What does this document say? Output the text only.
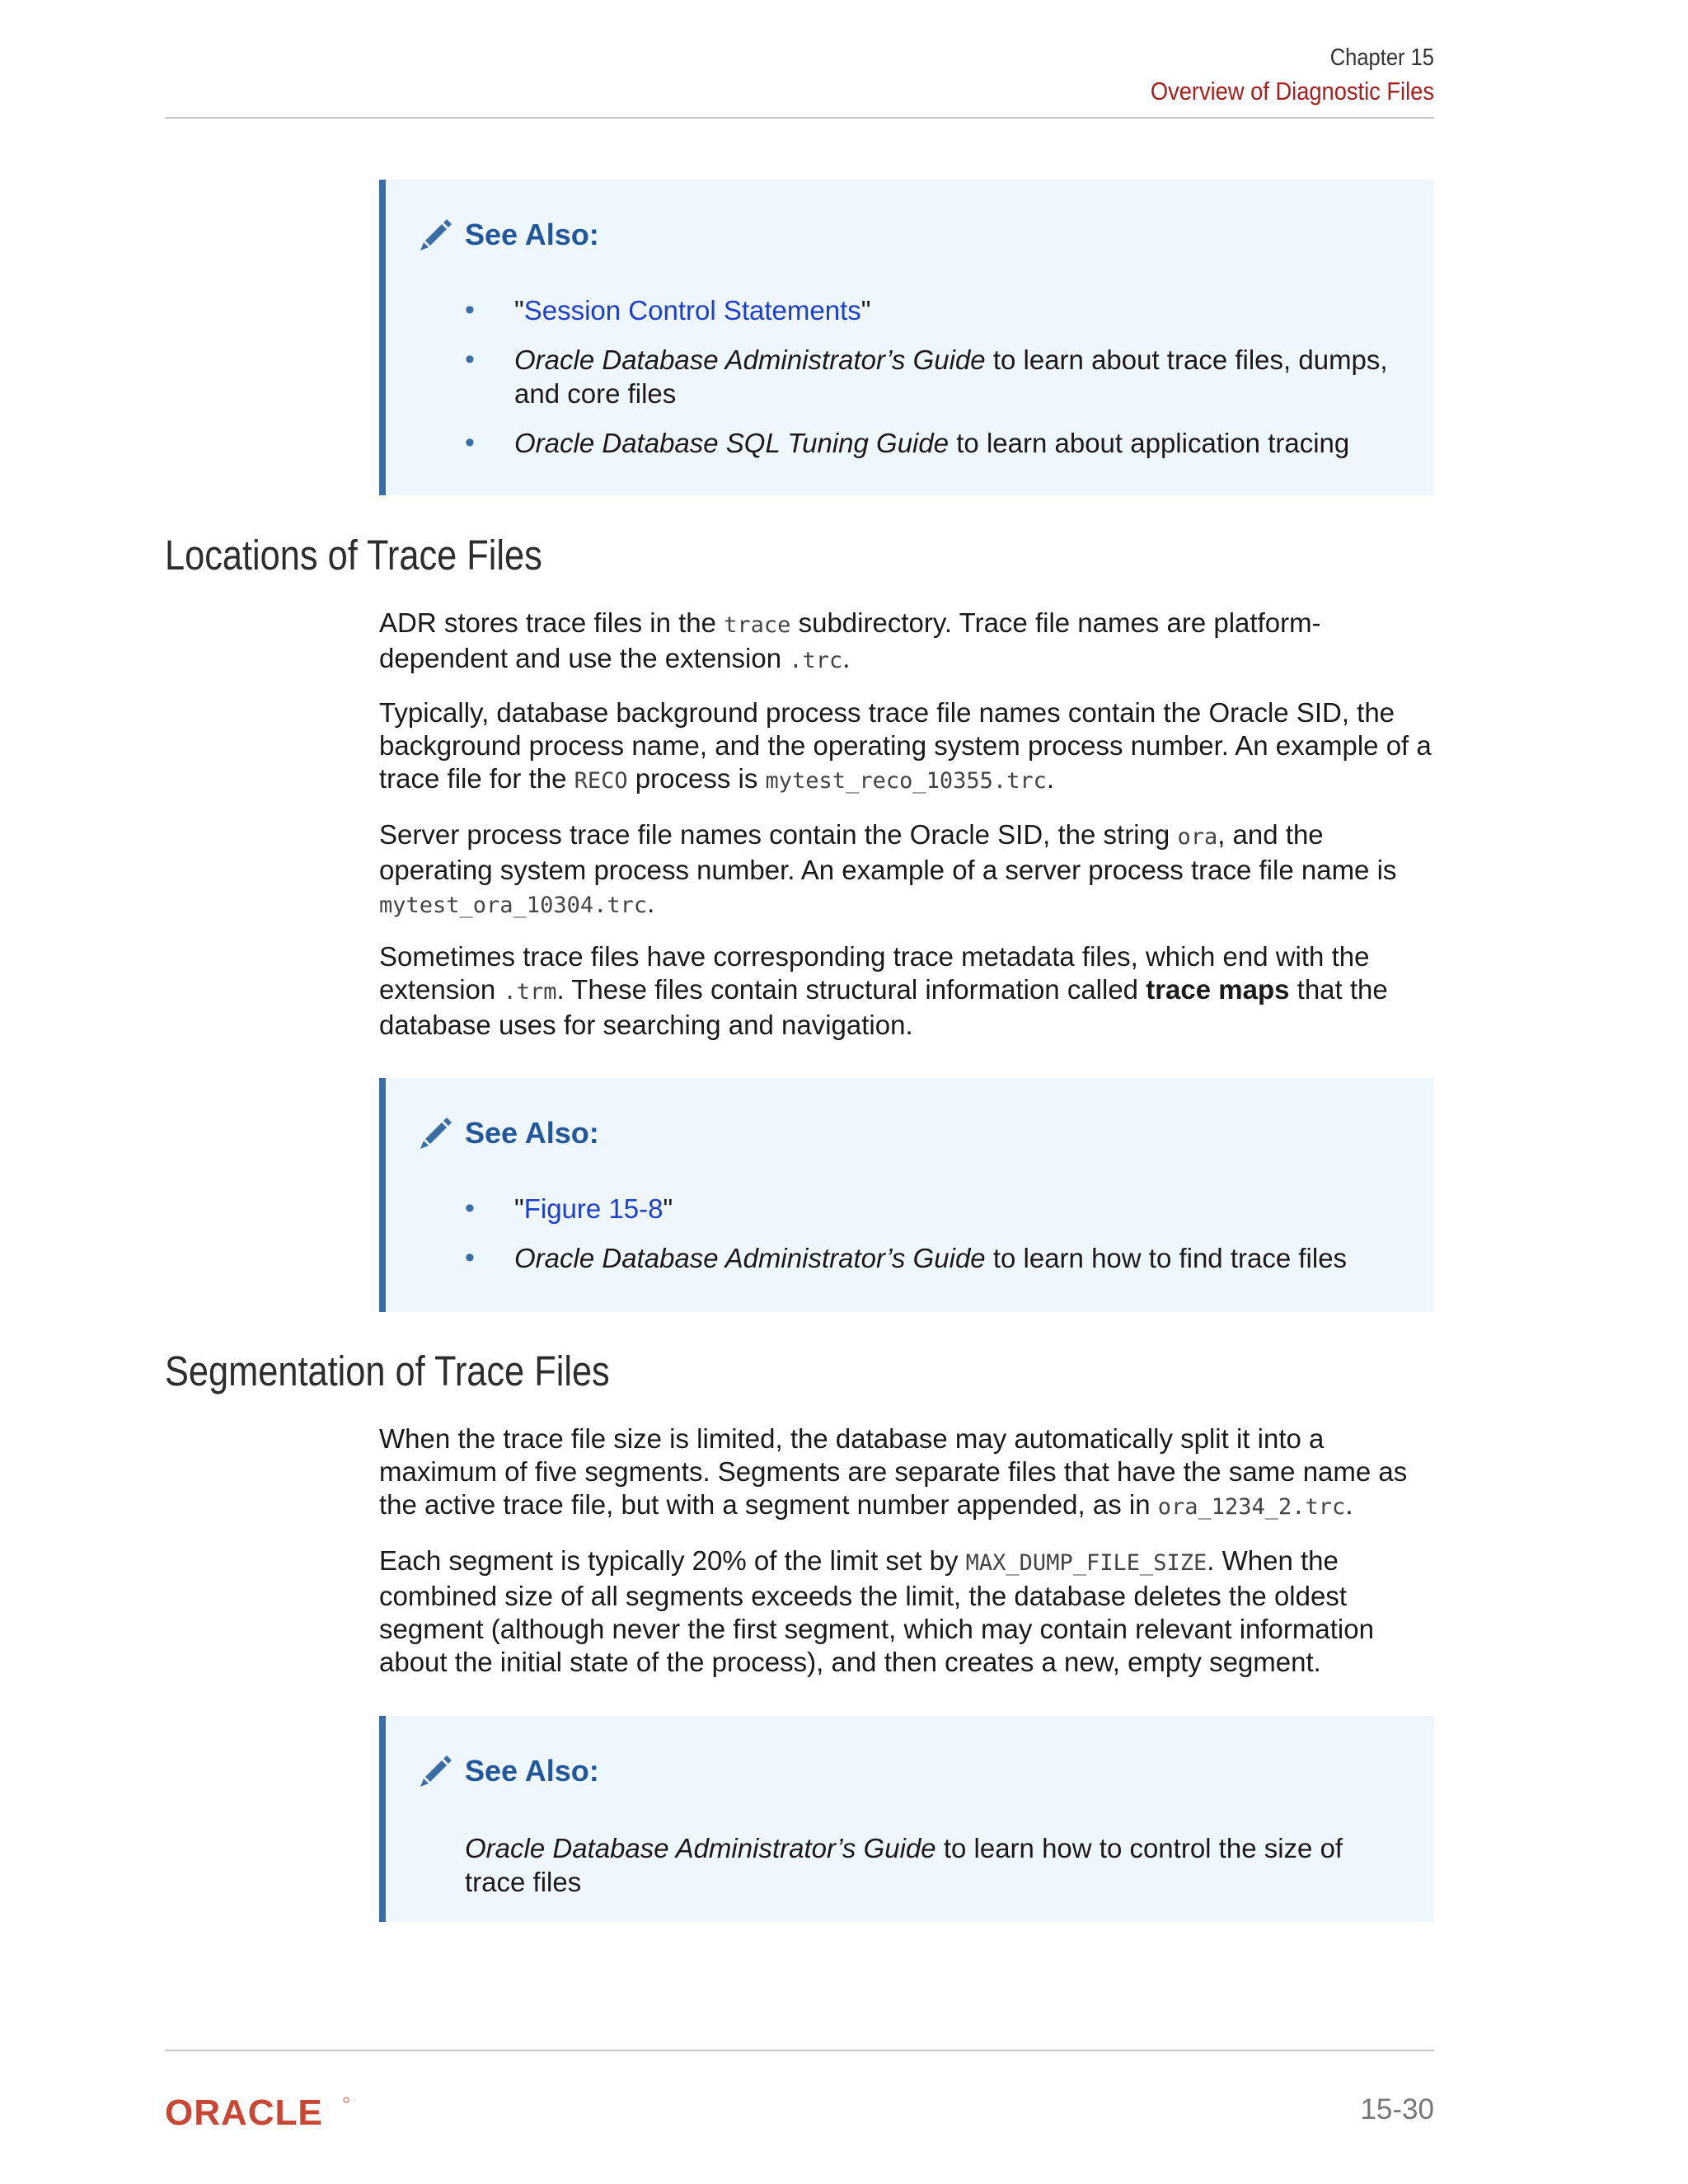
Chapter 15
Overview of Diagnostic Files
See Also:
• "Session Control Statements"
• Oracle Database Administrator’s Guide to learn about trace files, dumps, and core files
• Oracle Database SQL Tuning Guide to learn about application tracing
Locations of Trace Files

ADR stores trace files in the trace subdirectory. Trace file names are platform-dependent and use the extension .trc.

Typically, database background process trace file names contain the Oracle SID, the background process name, and the operating system process number. An example of a trace file for the RECO process is mytest_reco_10355.trc.

Server process trace file names contain the Oracle SID, the string ora, and the operating system process number. An example of a server process trace file name is mytest_ora_10304.trc.

Sometimes trace files have corresponding trace metadata files, which end with the extension .trm. These files contain structural information called trace maps that the database uses for searching and navigation.

See Also:
• "Figure 15-8"
• Oracle Database Administrator’s Guide to learn how to find trace files
Segmentation of Trace Files

When the trace file size is limited, the database may automatically split it into a maximum of five segments. Segments are separate files that have the same name as the active trace file, but with a segment number appended, as in ora_1234_2.trc.

Each segment is typically 20% of the limit set by MAX_DUMP_FILE_SIZE. When the combined size of all segments exceeds the limit, the database deletes the oldest segment (although never the first segment, which may contain relevant information about the initial state of the process), and then creates a new, empty segment.

See Also:
Oracle Database Administrator’s Guide to learn how to control the size of trace files
ORACLE	15-30
